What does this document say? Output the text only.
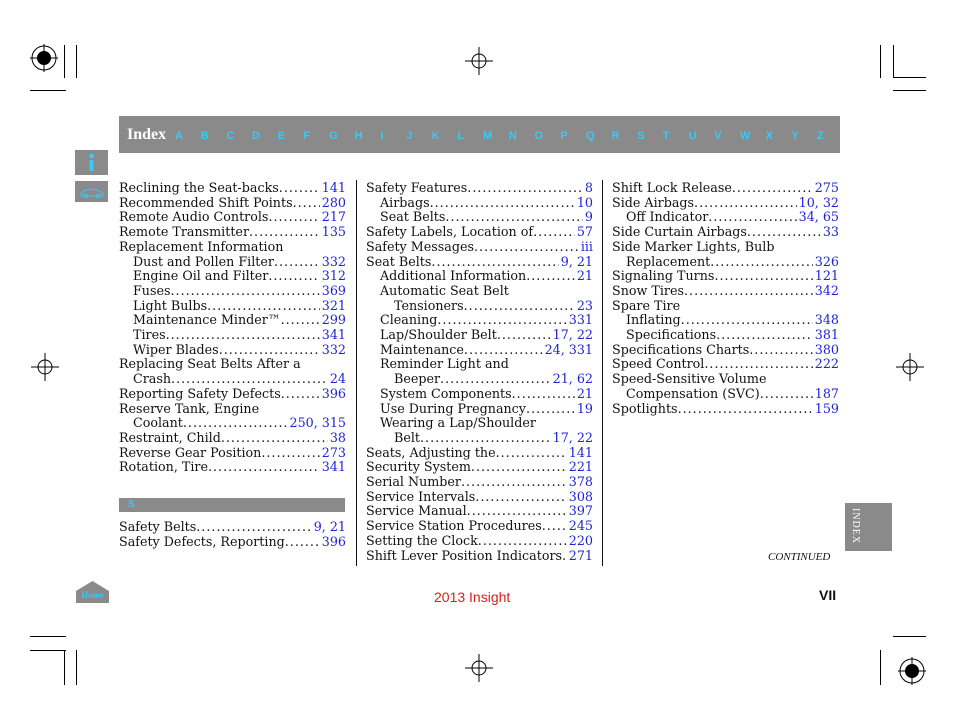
Index A B C D E F G H I J K L M N O P Q R S T U V W X Y Z
Reclining the Seat-backs .....	141
Recommended Shift Points ..... 280
Remote Audio Controls .....	217
Remote Transmitter .....	135
Replacement Information
Dust and Pollen Filter .....	332
Engine Oil and Filter .....	312
Fuses .....	369
Light Bulbs .....	321
Maintenance Minder™ .....	299
Tires .....	341
Wiper Blades .....	332
Replacing Seat Belts After a
Crash .....	24
Reporting Safety Defects .....	396
Reserve Tank, Engine
Coolant .....	250, 315
Restraint, Child .....	38
Reverse Gear Position .....	273
Rotation, Tire .....	341
S
Safety Belts .....	9, 21
Safety Defects, Reporting .....	396
Safety Features .....	8
Airbags .....	10
Seat Belts .....	9
Safety Labels, Location of .....	57
Safety Messages .....	iii
Seat Belts .....	9, 21
Additional Information .....	21
Automatic Seat Belt
Tensioners .....	23
Cleaning .....	331
Lap/Shoulder Belt .....	17, 22
Maintenance .....	24, 331
Reminder Light and
Beeper .....	21, 62
System Components .....	21
Use During Pregnancy .....	19
Wearing a Lap/Shoulder
Belt .....	17, 22
Seats, Adjusting the .....	141
Security System .....	221
Serial Number .....	378
Service Intervals .....	308
Service Manual .....	397
Service Station Procedures ..... 245
Setting the Clock .....	220
Shift Lever Position Indicators ..... 271
Shift Lock Release .....	275
Side Airbags .....	10, 32
Off Indicator .....	34, 65
Side Curtain Airbags .....	33
Side Marker Lights, Bulb
Replacement .....	326
Signaling Turns .....	121
Snow Tires .....	342
Spare Tire
Inflating .....	348
Specifications .....	381
Specifications Charts .....	380
Speed Control .....	222
Speed-Sensitive Volume
Compensation (SVC) .....	187
Spotlights .....	159
INDEX
CONTINUED
Home	2013 Insight	VII
